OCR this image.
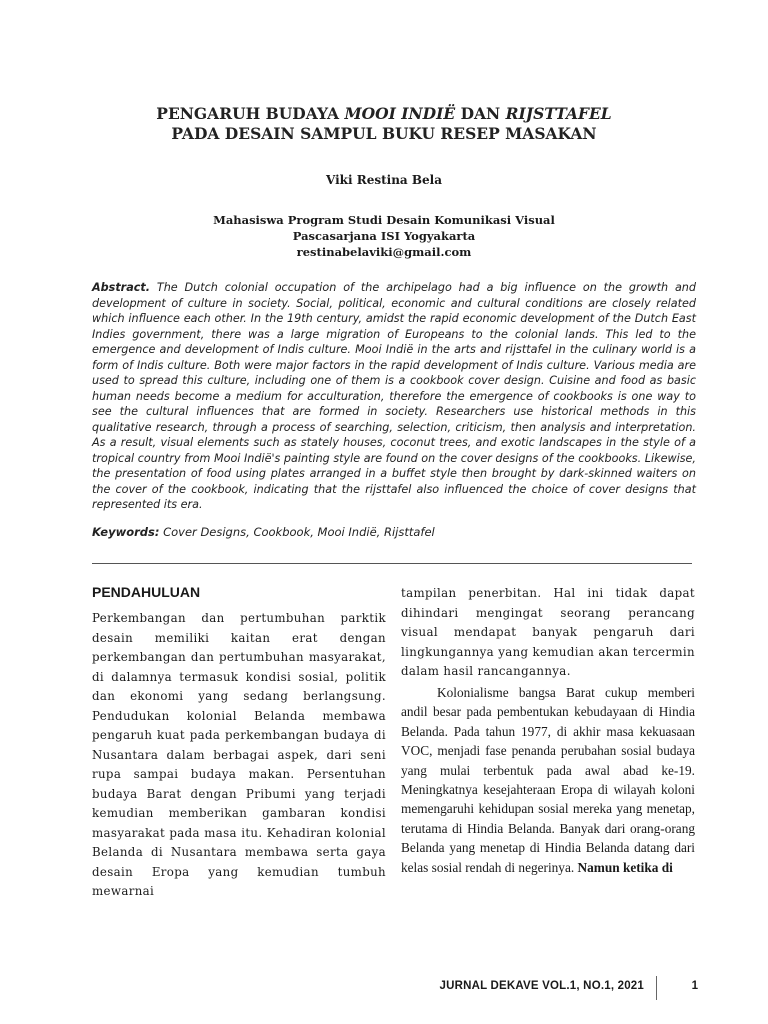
PENGARUH BUDAYA MOOI INDIË DAN RIJSTTAFEL
PADA DESAIN SAMPUL BUKU RESEP MASAKAN
Viki Restina Bela
Mahasiswa Program Studi Desain Komunikasi Visual
Pascasarjana ISI Yogyakarta
restinabelaviki@gmail.com
Abstract. The Dutch colonial occupation of the archipelago had a big influence on the growth and development of culture in society. Social, political, economic and cultural conditions are closely related which influence each other. In the 19th century, amidst the rapid economic development of the Dutch East Indies government, there was a large migration of Europeans to the colonial lands. This led to the emergence and development of Indis culture. Mooi Indië in the arts and rijsttafel in the culinary world is a form of Indis culture. Both were major factors in the rapid development of Indis culture. Various media are used to spread this culture, including one of them is a cookbook cover design. Cuisine and food as basic human needs become a medium for acculturation, therefore the emergence of cookbooks is one way to see the cultural influences that are formed in society. Researchers use historical methods in this qualitative research, through a process of searching, selection, criticism, then analysis and interpretation. As a result, visual elements such as stately houses, coconut trees, and exotic landscapes in the style of a tropical country from Mooi Indië's painting style are found on the cover designs of the cookbooks. Likewise, the presentation of food using plates arranged in a buffet style then brought by dark-skinned waiters on the cover of the cookbook, indicating that the rijsttafel also influenced the choice of cover designs that represented its era.
Keywords: Cover Designs, Cookbook, Mooi Indië, Rijsttafel
PENDAHULUAN
Perkembangan dan pertumbuhan parktik desain memiliki kaitan erat dengan perkembangan dan pertumbuhan masyarakat, di dalamnya termasuk kondisi sosial, politik dan ekonomi yang sedang berlangsung. Pendudukan kolonial Belanda membawa pengaruh kuat pada perkembangan budaya di Nusantara dalam berbagai aspek, dari seni rupa sampai budaya makan. Persentuhan budaya Barat dengan Pribumi yang terjadi kemudian memberikan gambaran kondisi masyarakat pada masa itu. Kehadiran kolonial Belanda di Nusantara membawa serta gaya desain Eropa yang kemudian tumbuh mewarnai
tampilan penerbitan. Hal ini tidak dapat dihindari mengingat seorang perancang visual mendapat banyak pengaruh dari lingkungannya yang kemudian akan tercermin dalam hasil rancangannya.
Kolonialisme bangsa Barat cukup memberi andil besar pada pembentukan kebudayaan di Hindia Belanda. Pada tahun 1977, di akhir masa kekuasaan VOC, menjadi fase penanda perubahan sosial budaya yang mulai terbentuk pada awal abad ke-19. Meningkatnya kesejahteraan Eropa di wilayah koloni memengaruhi kehidupan sosial mereka yang menetap, terutama di Hindia Belanda. Banyak dari orang-orang Belanda yang menetap di Hindia Belanda datang dari kelas sosial rendah di negerinya. Namun ketika di
JURNAL DEKAVE VOL.1, NO.1, 2021	1
